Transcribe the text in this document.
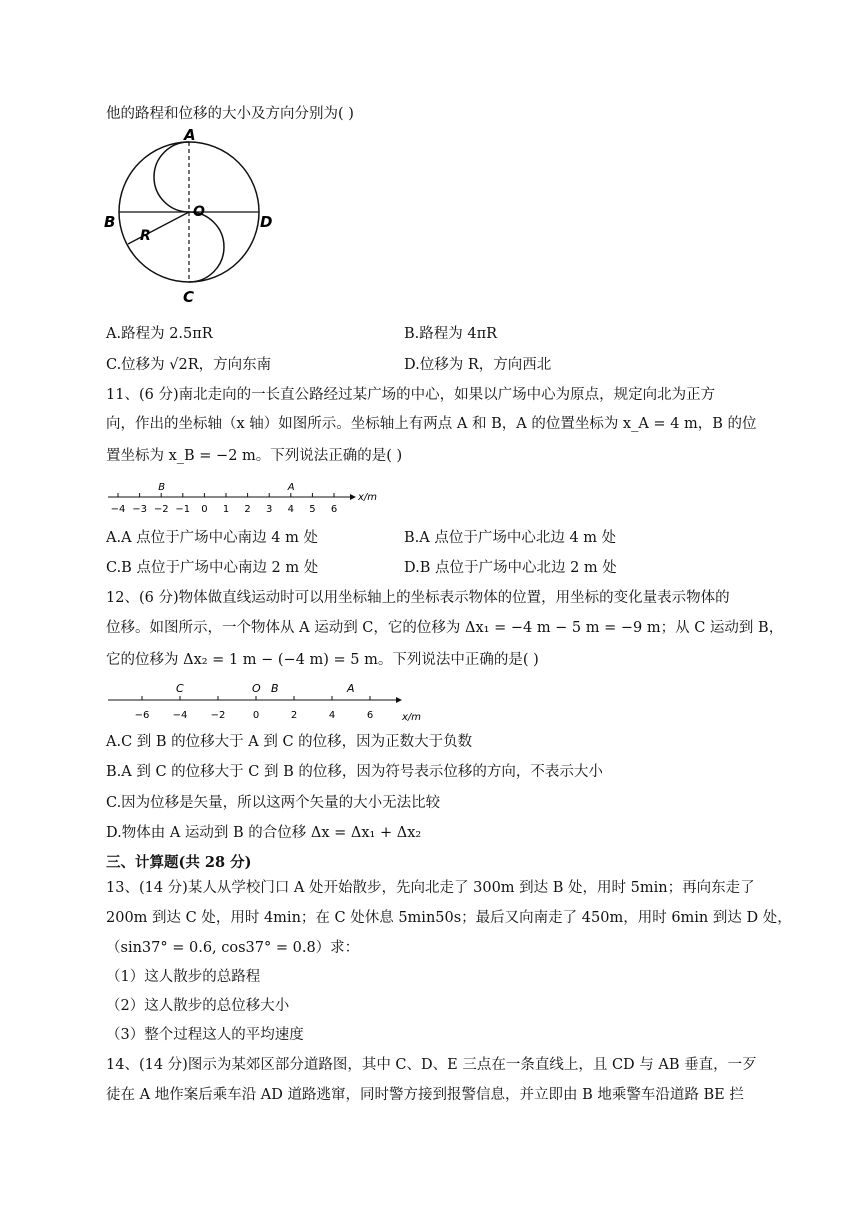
他的路程和位移的大小及方向分别为( )
A
B
C
D
O
R
A.路程为 2.5πR	B.路程为 4πR
C.位移为 √2R，方向东南	D.位移为 R，方向西北
11、(6 分)南北走向的一长直公路经过某广场的中心，如果以广场中心为原点，规定向北为正方
向，作出的坐标轴（x 轴）如图所示。坐标轴上有两点 A 和 B，A 的位置坐标为 x_A = 4 m，B 的位
置坐标为 x_B = −2 m。下列说法正确的是( )
−4 −3 −2 −1 0 1 2 3 4 5 6
x/m
A
B
A.A 点位于广场中心南边 4 m 处	B.A 点位于广场中心北边 4 m 处
C.B 点位于广场中心南边 2 m 处	D.B 点位于广场中心北边 2 m 处
12、(6 分)物体做直线运动时可以用坐标轴上的坐标表示物体的位置，用坐标的变化量表示物体的
位移。如图所示，一个物体从 A 运动到 C，它的位移为 Δx₁ = −4 m − 5 m = −9 m；从 C 运动到 B，
它的位移为 Δx₂ = 1 m − (−4 m) = 5 m。下列说法中正确的是( )
−6 −4 −2	0	2	4	6	x/m
C	O B	A
A.C 到 B 的位移大于 A 到 C 的位移，因为正数大于负数
B.A 到 C 的位移大于 C 到 B 的位移，因为符号表示位移的方向，不表示大小
C.因为位移是矢量，所以这两个矢量的大小无法比较
D.物体由 A 运动到 B 的合位移 Δx = Δx₁ + Δx₂
三、计算题(共 28 分)
13、(14 分)某人从学校门口 A 处开始散步，先向北走了 300m 到达 B 处，用时 5min；再向东走了
200m 到达 C 处，用时 4min；在 C 处休息 5min50s；最后又向南走了 450m，用时 6min 到达 D 处，
（sin37° = 0.6, cos37° = 0.8）求：
（1）这人散步的总路程
（2）这人散步的总位移大小
（3）整个过程这人的平均速度
14、(14 分)图示为某郊区部分道路图，其中 C、D、E 三点在一条直线上，且 CD 与 AB 垂直，一歹
徒在 A 地作案后乘车沿 AD 道路逃窜，同时警方接到报警信息，并立即由 B 地乘警车沿道路 BE 拦
